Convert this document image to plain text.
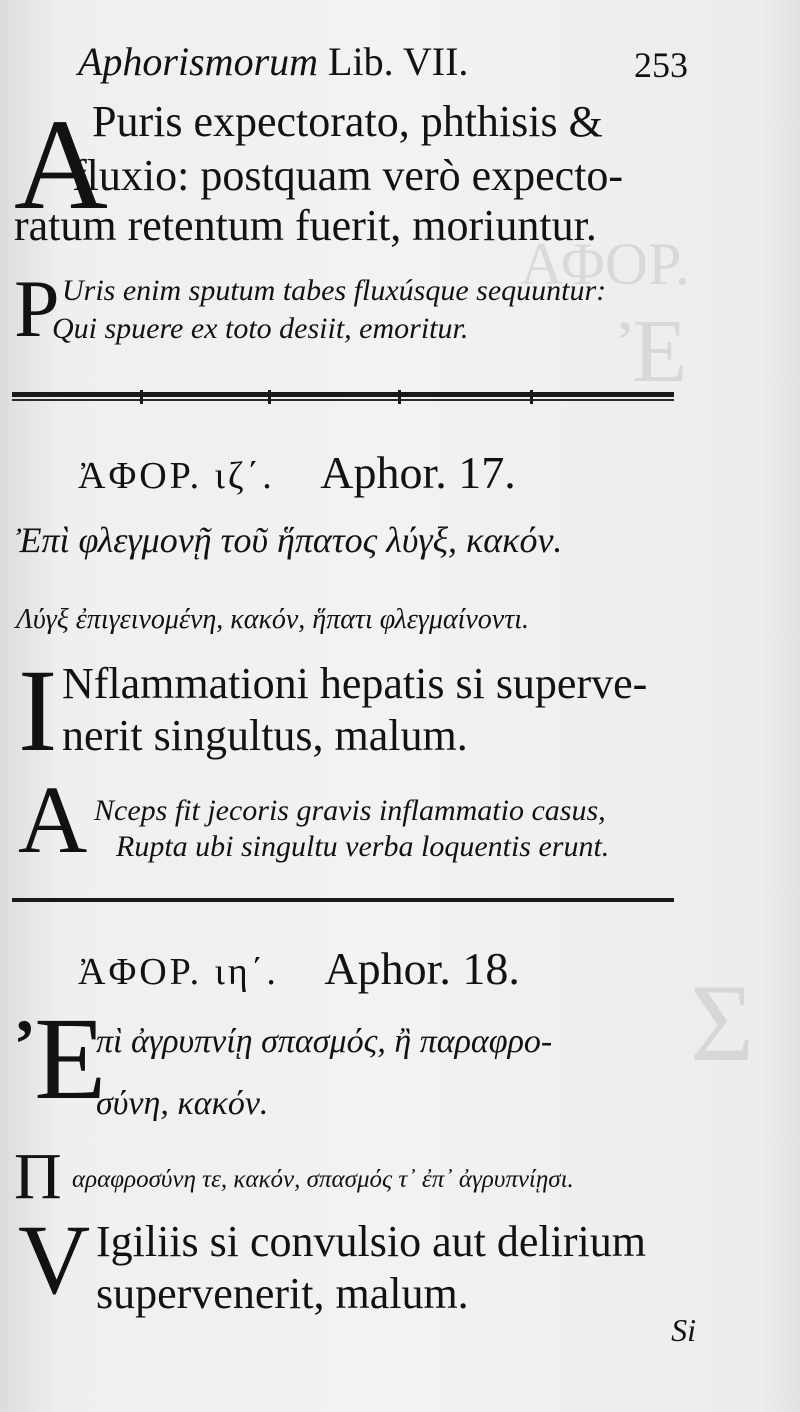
ΑΦΟΡ.
Ἐ
Σ
Aphorismorum Lib. VII.	253
A
Puris expectorato, phthisis &
fluxio: postquam verò expecto-
ratum retentum fuerit, moriuntur.
P Uris enim sputum tabes fluxúsque sequuntur:
Qui spuere ex toto desiit, emoritur.
ἈΦΟΡ. ιζ΄. Aphor. 17.
Ἐπὶ φλεγμονῇ τοῦ ἥπατος λύγξ, κακόν.
Λύγξ ἐπιγεινομένη, κακόν, ἥπατι φλεγμαίνοντι.
I Nflammationi hepatis si superve-
nerit singultus, malum.
A Nceps fit jecoris gravis inflammatio casus,
Rupta ubi singultu verba loquentis erunt.
ἈΦΟΡ. ιη΄. Aphor. 18.
Ἐ
πὶ ἀγρυπνίῃ σπασμός, ἢ παραφρο-
σύνη, κακόν.
Π αραφροσύνη τε, κακόν, σπασμός τ᾽ ἐπ᾽ ἀγρυπνίῃσι.
V Igiliis si convulsio aut delirium
supervenerit, malum.
Si
